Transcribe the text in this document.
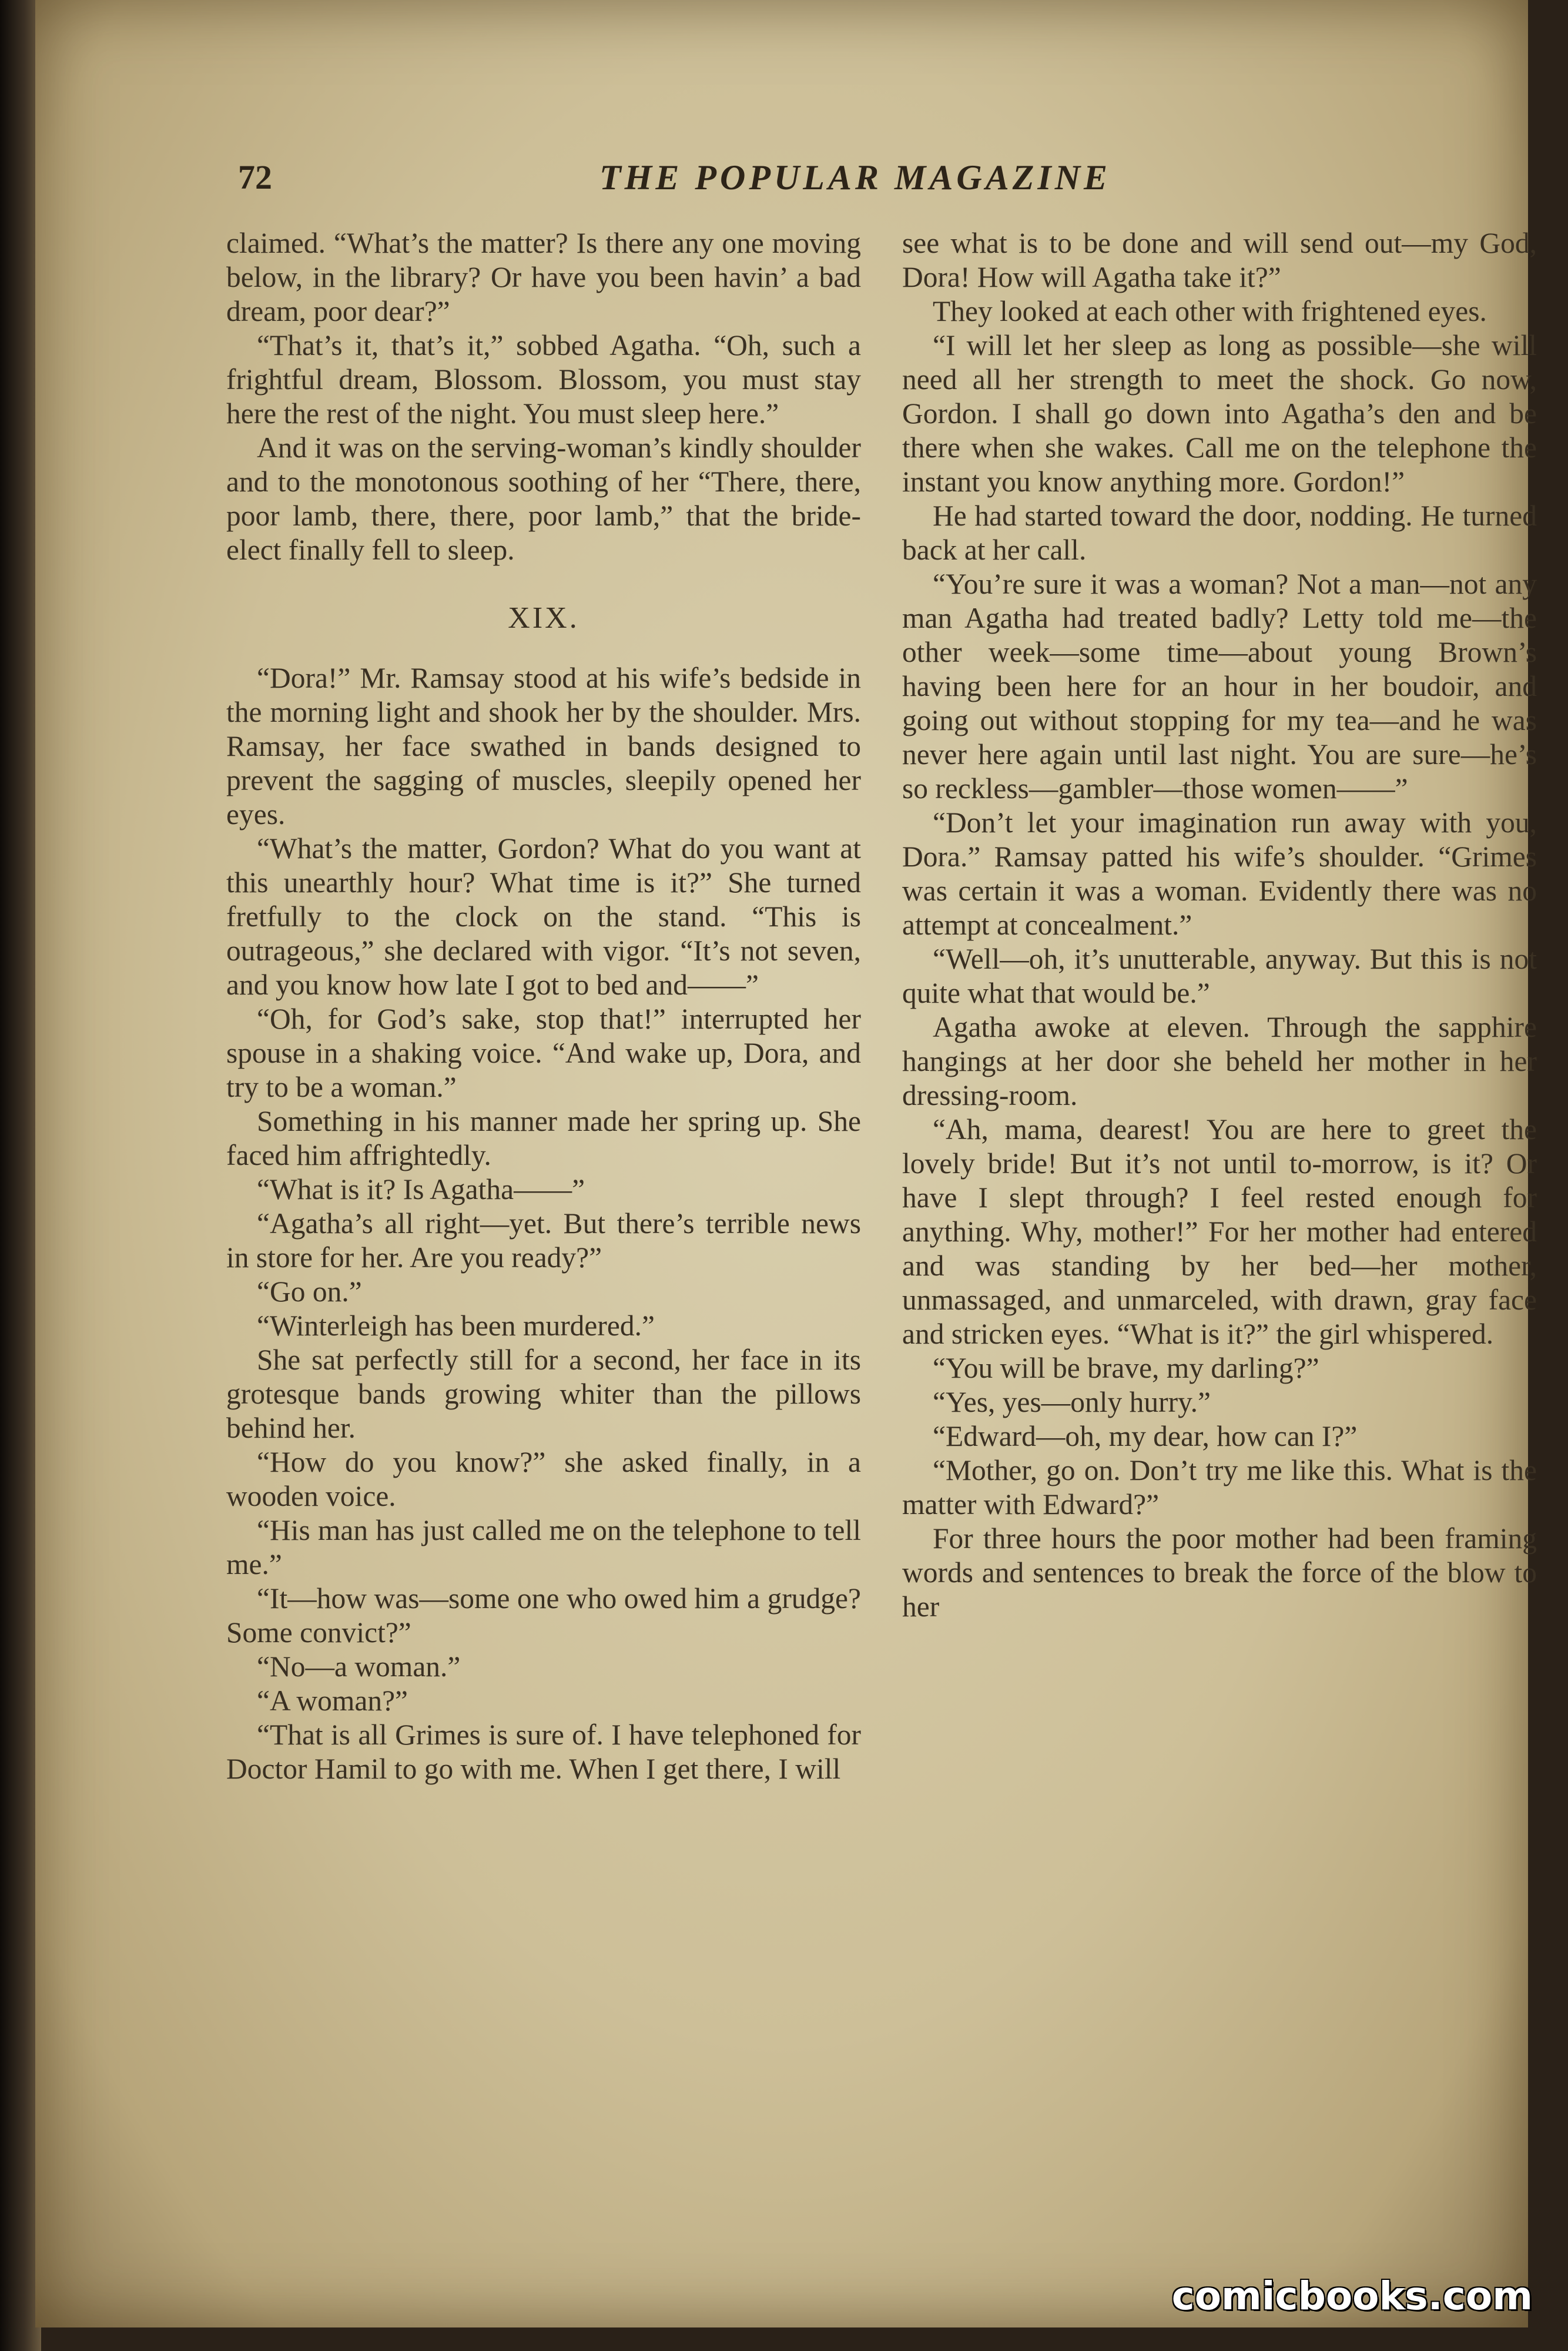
72	THE POPULAR MAGAZINE

claimed. “What’s the matter? Is there any one moving below, in the library? Or have you been havin’ a bad dream, poor dear?”

“That’s it, that’s it,” sobbed Agatha. “Oh, such a frightful dream, Blossom. Blossom, you must stay here the rest of the night. You must sleep here.”

And it was on the serving-woman’s kindly shoulder and to the monotonous soothing of her “There, there, poor lamb, there, there, poor lamb,” that the bride-elect finally fell to sleep.

XIX.

“Dora!” Mr. Ramsay stood at his wife’s bedside in the morning light and shook her by the shoulder. Mrs. Ramsay, her face swathed in bands designed to prevent the sagging of muscles, sleepily opened her eyes.

“What’s the matter, Gordon? What do you want at this unearthly hour? What time is it?” She turned fretfully to the clock on the stand. “This is outrageous,” she declared with vigor. “It’s not seven, and you know how late I got to bed and——”

“Oh, for God’s sake, stop that!” interrupted her spouse in a shaking voice. “And wake up, Dora, and try to be a woman.”

Something in his manner made her spring up. She faced him affrightedly.

“What is it? Is Agatha——”

“Agatha’s all right—yet. But there’s terrible news in store for her. Are you ready?”

“Go on.”

“Winterleigh has been murdered.”

She sat perfectly still for a second, her face in its grotesque bands growing whiter than the pillows behind her.

“How do you know?” she asked finally, in a wooden voice.

“His man has just called me on the telephone to tell me.”

“It—how was—some one who owed him a grudge? Some convict?”

“No—a woman.”

“A woman?”

“That is all Grimes is sure of. I have telephoned for Doctor Hamil to go with me. When I get there, I will

see what is to be done and will send out—my God, Dora! How will Agatha take it?”

They looked at each other with frightened eyes.

“I will let her sleep as long as possible—she will need all her strength to meet the shock. Go now, Gordon. I shall go down into Agatha’s den and be there when she wakes. Call me on the telephone the instant you know anything more. Gordon!”

He had started toward the door, nodding. He turned back at her call.

“You’re sure it was a woman? Not a man—not any man Agatha had treated badly? Letty told me—the other week—some time—about young Brown’s having been here for an hour in her boudoir, and going out without stopping for my tea—and he was never here again until last night. You are sure—he’s so reckless—gambler—those women——”

“Don’t let your imagination run away with you, Dora.” Ramsay patted his wife’s shoulder. “Grimes was certain it was a woman. Evidently there was no attempt at concealment.”

“Well—oh, it’s unutterable, anyway. But this is not quite what that would be.”

Agatha awoke at eleven. Through the sapphire hangings at her door she beheld her mother in her dressing-room.

“Ah, mama, dearest! You are here to greet the lovely bride! But it’s not until to-morrow, is it? Or have I slept through? I feel rested enough for anything. Why, mother!” For her mother had entered and was standing by her bed—her mother, unmassaged, and unmarceled, with drawn, gray face and stricken eyes. “What is it?” the girl whispered.

“You will be brave, my darling?”

“Yes, yes—only hurry.”

“Edward—oh, my dear, how can I?”

“Mother, go on. Don’t try me like this. What is the matter with Edward?”

For three hours the poor mother had been framing words and sentences to break the force of the blow to her

comicbooks.com
